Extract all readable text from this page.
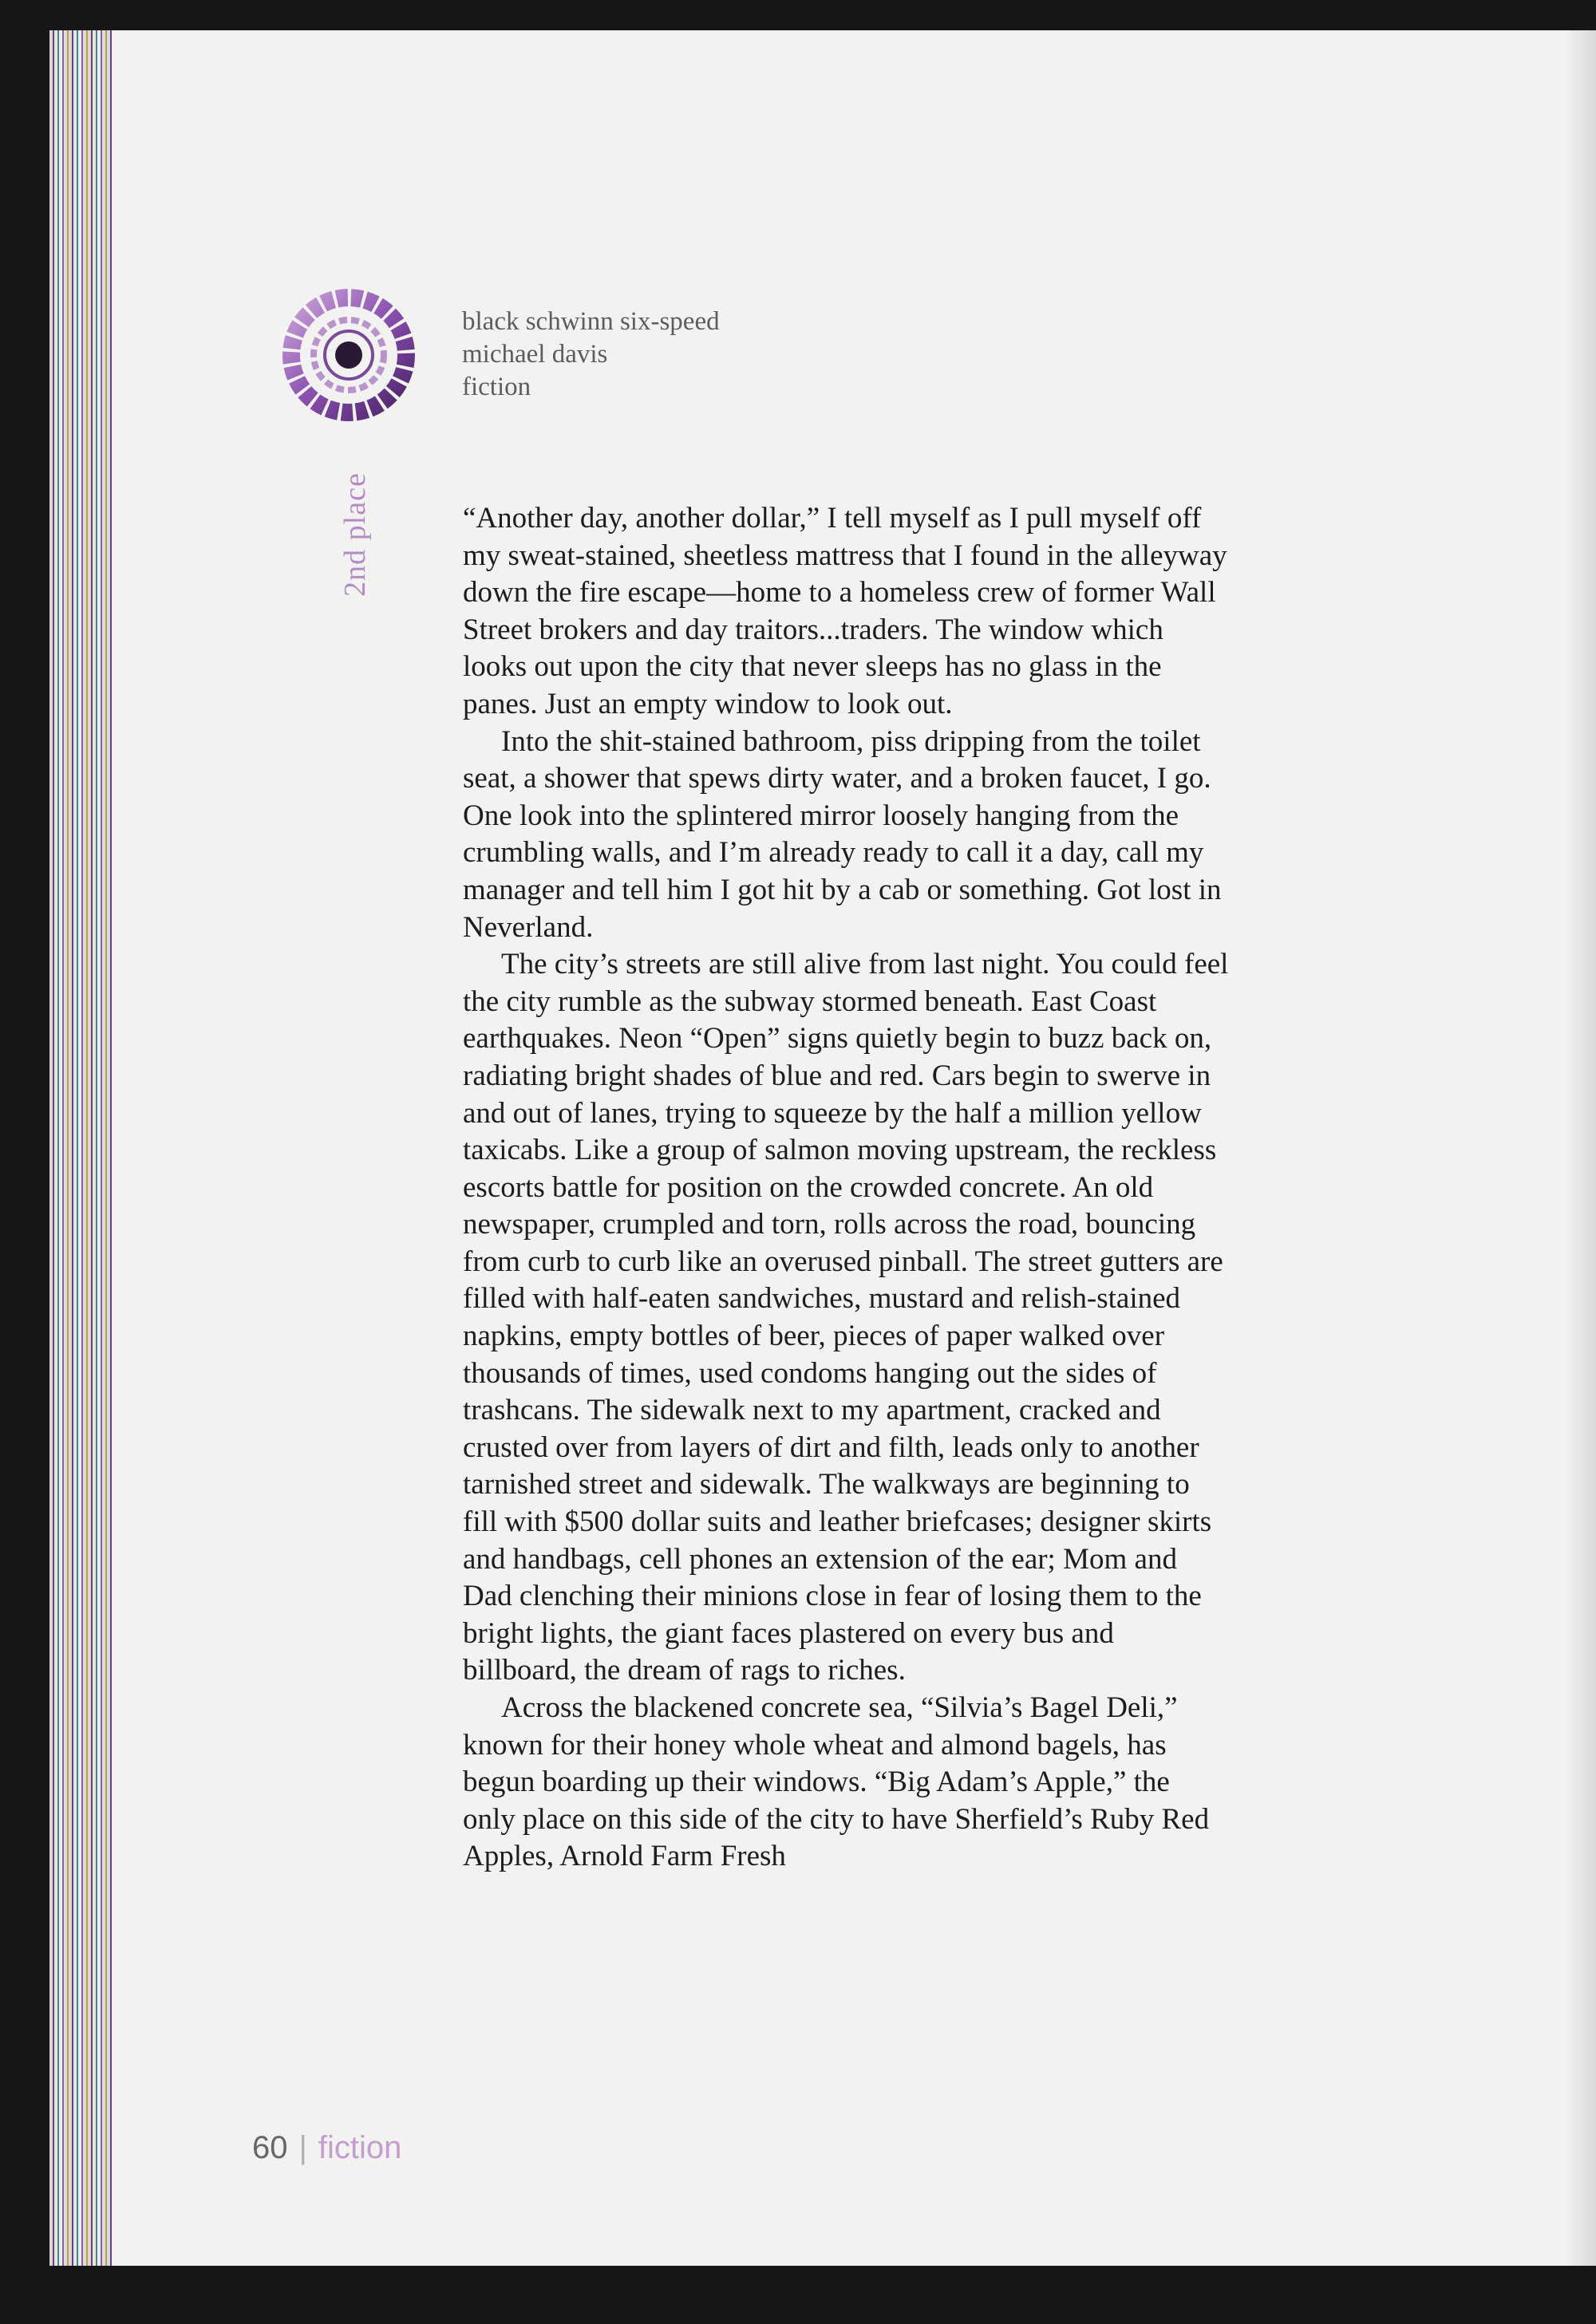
black schwinn six-speed
michael davis
fiction
2nd place	“Another day, another dollar,” I tell myself as I pull myself off my sweat-stained, sheetless mattress that I found in the alleyway down the fire escape—home to a homeless crew of former Wall Street brokers and day traitors...traders. The window which looks out upon the city that never sleeps has no glass in the panes. Just an empty window to look out.

Into the shit-stained bathroom, piss dripping from the toilet seat, a shower that spews dirty water, and a broken faucet, I go. One look into the splintered mirror loosely hanging from the crumbling walls, and I’m already ready to call it a day, call my manager and tell him I got hit by a cab or something. Got lost in Neverland.

The city’s streets are still alive from last night. You could feel the city rumble as the subway stormed beneath. East Coast earthquakes. Neon “Open” signs quietly begin to buzz back on, radiating bright shades of blue and red. Cars begin to swerve in and out of lanes, trying to squeeze by the half a million yellow taxicabs. Like a group of salmon moving upstream, the reckless escorts battle for position on the crowded concrete. An old newspaper, crumpled and torn, rolls across the road, bouncing from curb to curb like an overused pinball. The street gutters are filled with half-eaten sandwiches, mustard and relish-stained napkins, empty bottles of beer, pieces of paper walked over thousands of times, used condoms hanging out the sides of trashcans. The sidewalk next to my apartment, cracked and crusted over from layers of dirt and filth, leads only to another tarnished street and sidewalk. The walkways are beginning to fill with $500 dollar suits and leather briefcases; designer skirts and handbags, cell phones an extension of the ear; Mom and Dad clenching their minions close in fear of losing them to the bright lights, the giant faces plastered on every bus and billboard, the dream of rags to riches.

Across the blackened concrete sea, “Silvia’s Bagel Deli,” known for their honey whole wheat and almond bagels, has begun boarding up their windows. “Big Adam’s Apple,” the only place on this side of the city to have Sherfield’s Ruby Red Apples, Arnold Farm Fresh

60 | fiction
